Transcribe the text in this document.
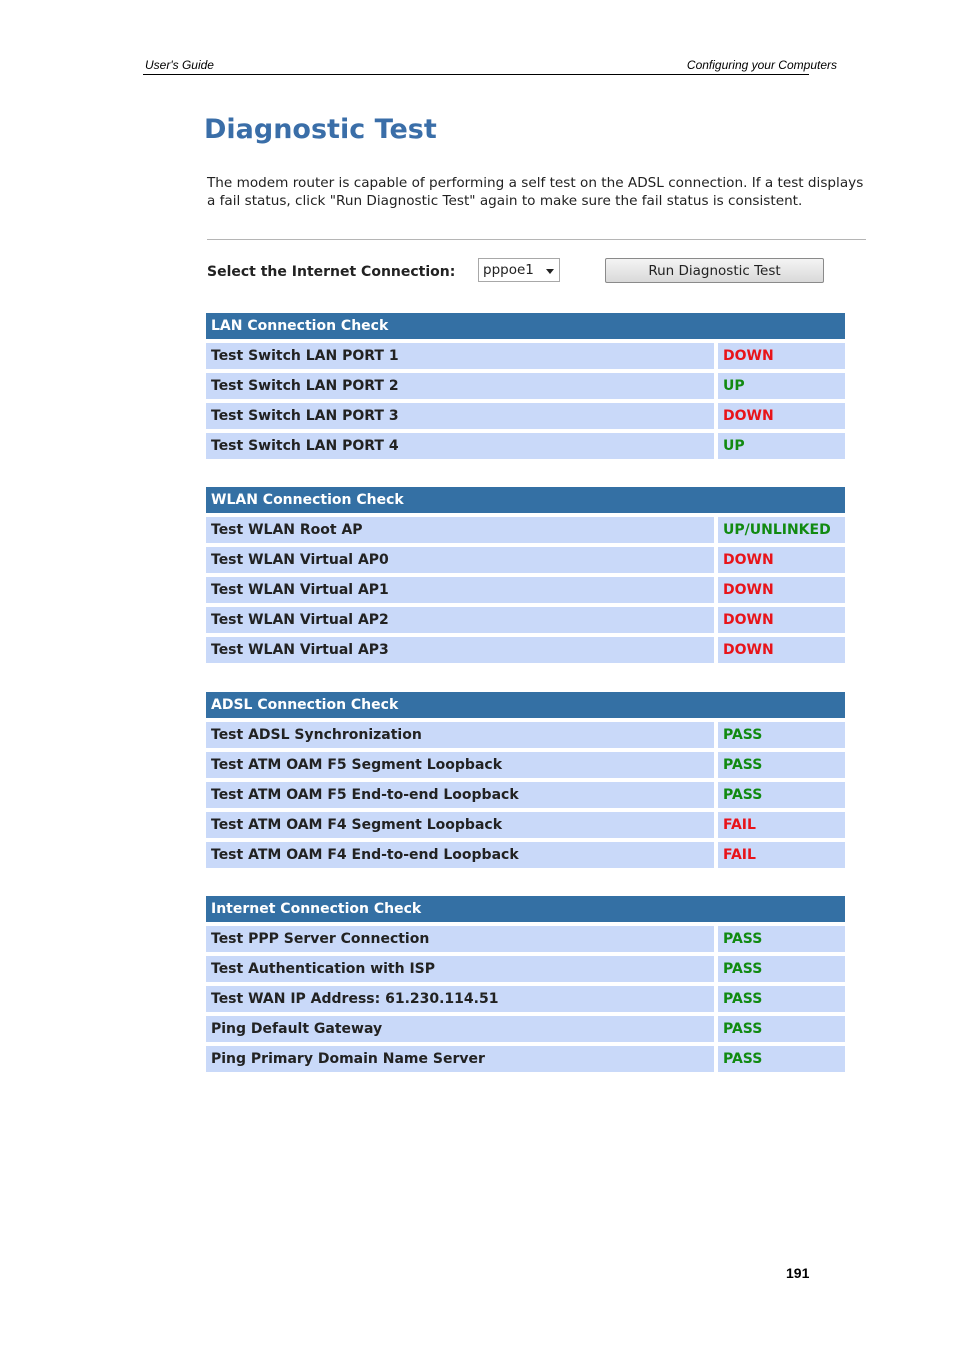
User's Guide	Configuring your Computers
Diagnostic Test

The modem router is capable of performing a self test on the ADSL connection. If a test displays a fail status, click "Run Diagnostic Test" again to make sure the fail status is consistent.

Select the Internet Connection:	pppoe1	Run Diagnostic Test
LAN Connection Check	
Test Switch LAN PORT 1	DOWN
Test Switch LAN PORT 2	UP
Test Switch LAN PORT 3	DOWN
Test Switch LAN PORT 4	UP
WLAN Connection Check	
Test WLAN Root AP	UP/UNLINKED
Test WLAN Virtual AP0	DOWN
Test WLAN Virtual AP1	DOWN
Test WLAN Virtual AP2	DOWN
Test WLAN Virtual AP3	DOWN
ADSL Connection Check	
Test ADSL Synchronization	PASS
Test ATM OAM F5 Segment Loopback	PASS
Test ATM OAM F5 End-to-end Loopback	PASS
Test ATM OAM F4 Segment Loopback	FAIL
Test ATM OAM F4 End-to-end Loopback	FAIL
Internet Connection Check	
Test PPP Server Connection	PASS
Test Authentication with ISP	PASS
Test WAN IP Address: 61.230.114.51	PASS
Ping Default Gateway	PASS
Ping Primary Domain Name Server	PASS
191
